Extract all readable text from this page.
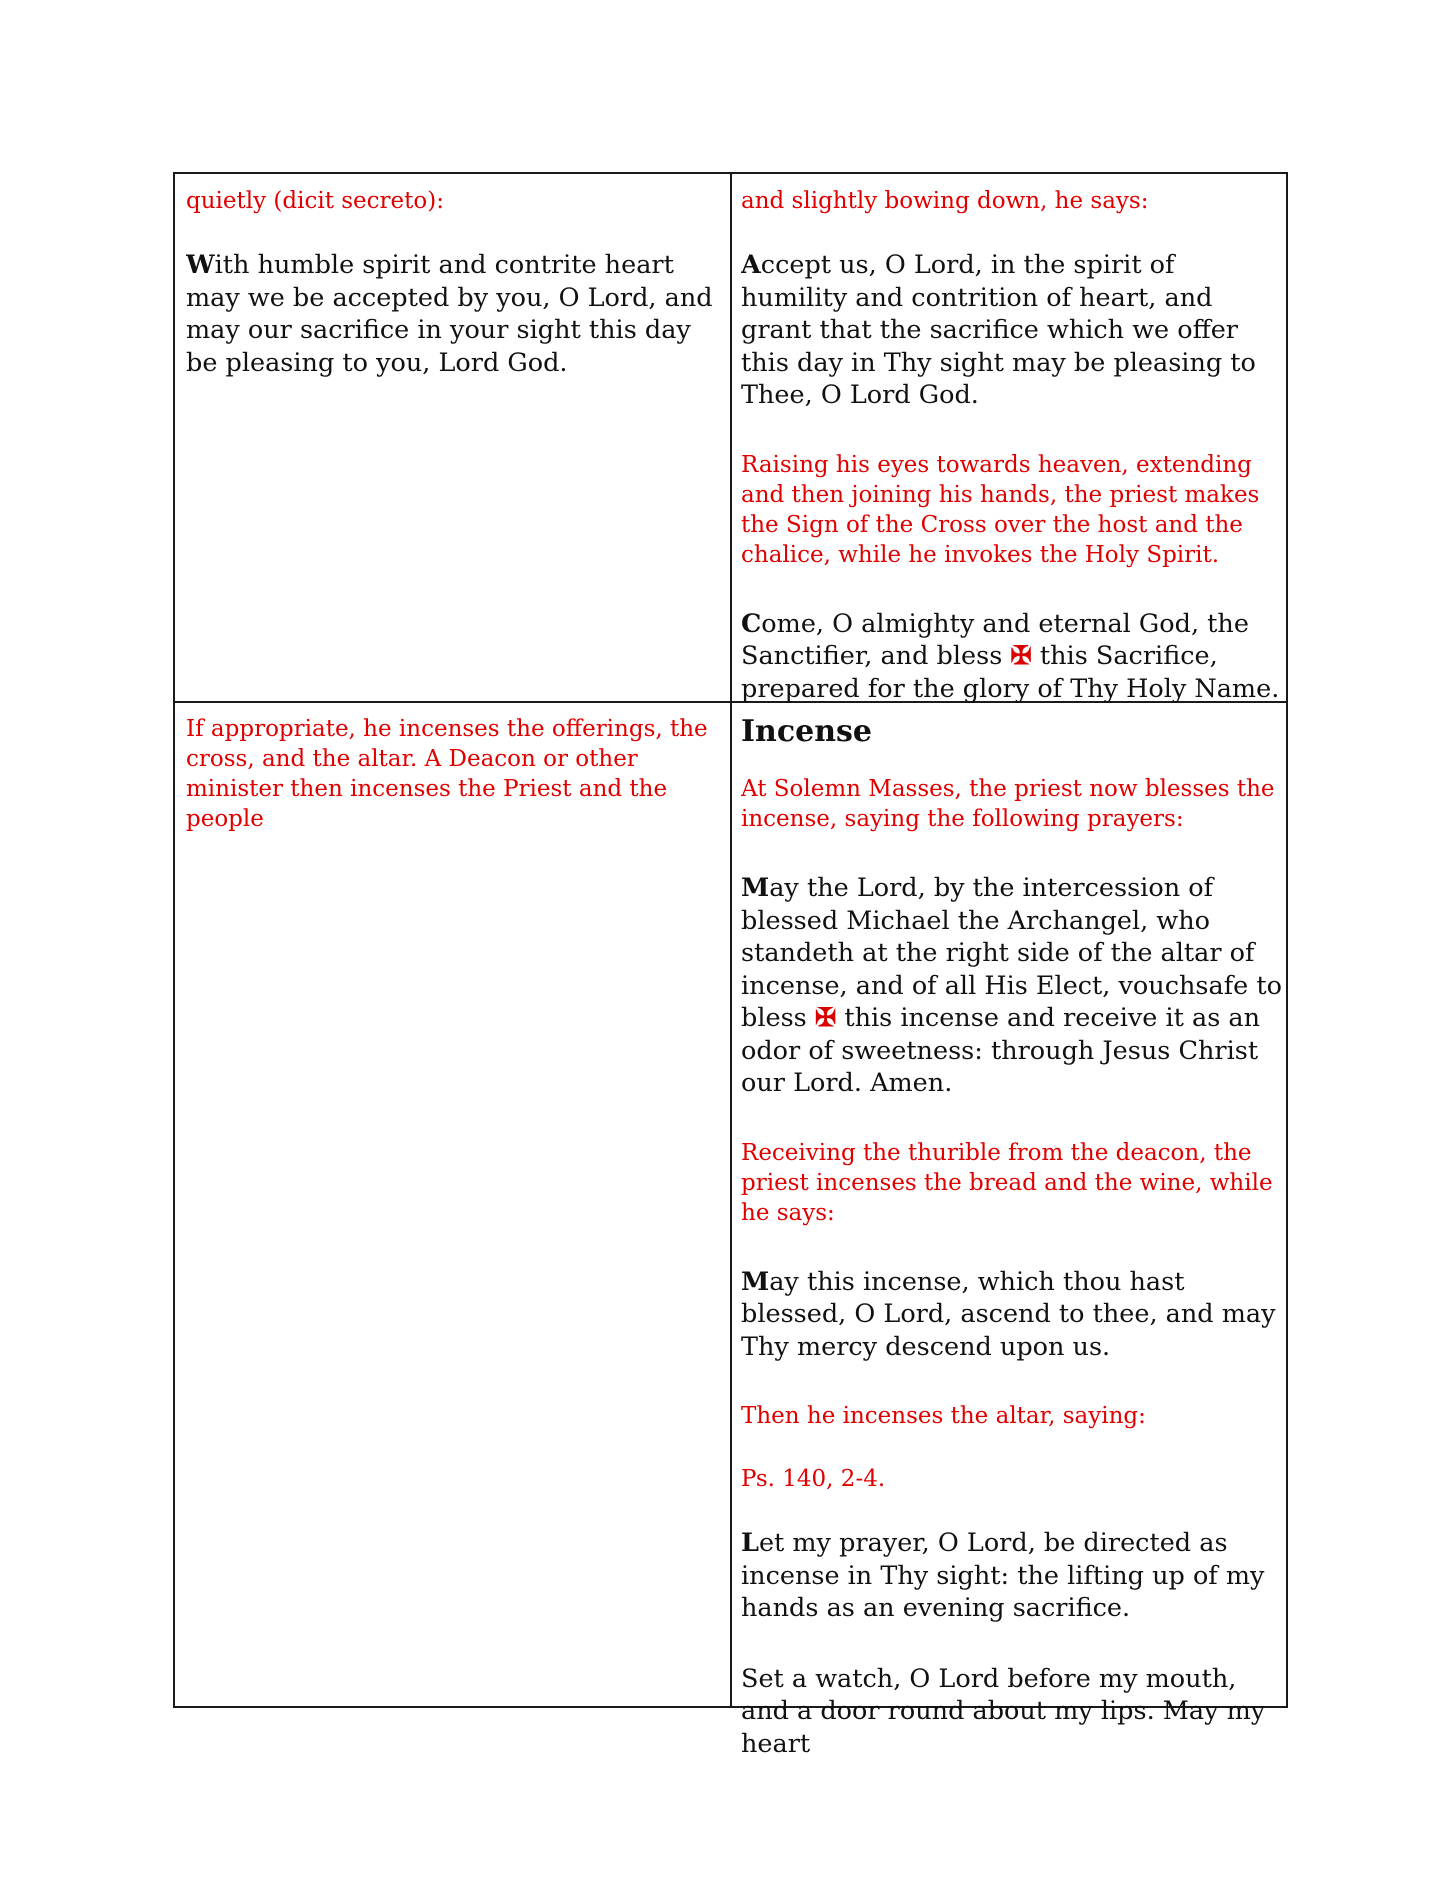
quietly (dicit secreto):

With humble spirit and contrite heart may we be accepted by you, O Lord, and may our sacrifice in your sight this day be pleasing to you, Lord God.

and slightly bowing down, he says:

Accept us, O Lord, in the spirit of humility and contrition of heart, and grant that the sacrifice which we offer this day in Thy sight may be pleasing to Thee, O Lord God.

Raising his eyes towards heaven, extending and then joining his hands, the priest makes the Sign of the Cross over the host and the chalice, while he invokes the Holy Spirit.

Come, O almighty and eternal God, the Sanctifier, and bless ✠ this Sacrifice, prepared for the glory of Thy Holy Name.

If appropriate, he incenses the offerings, the cross, and the altar. A Deacon or other minister then incenses the Priest and the people

Incense

At Solemn Masses, the priest now blesses the incense, saying the following prayers:

May the Lord, by the intercession of blessed Michael the Archangel, who standeth at the right side of the altar of incense, and of all His Elect, vouchsafe to bless ✠ this incense and receive it as an odor of sweetness: through Jesus Christ our Lord. Amen.

Receiving the thurible from the deacon, the priest incenses the bread and the wine, while he says:

May this incense, which thou hast blessed, O Lord, ascend to thee, and may Thy mercy descend upon us.

Then he incenses the altar, saying:

Ps. 140, 2-4.

Let my prayer, O Lord, be directed as incense in Thy sight: the lifting up of my hands as an evening sacrifice.

Set a watch, O Lord before my mouth, and a door round about my lips. May my heart
